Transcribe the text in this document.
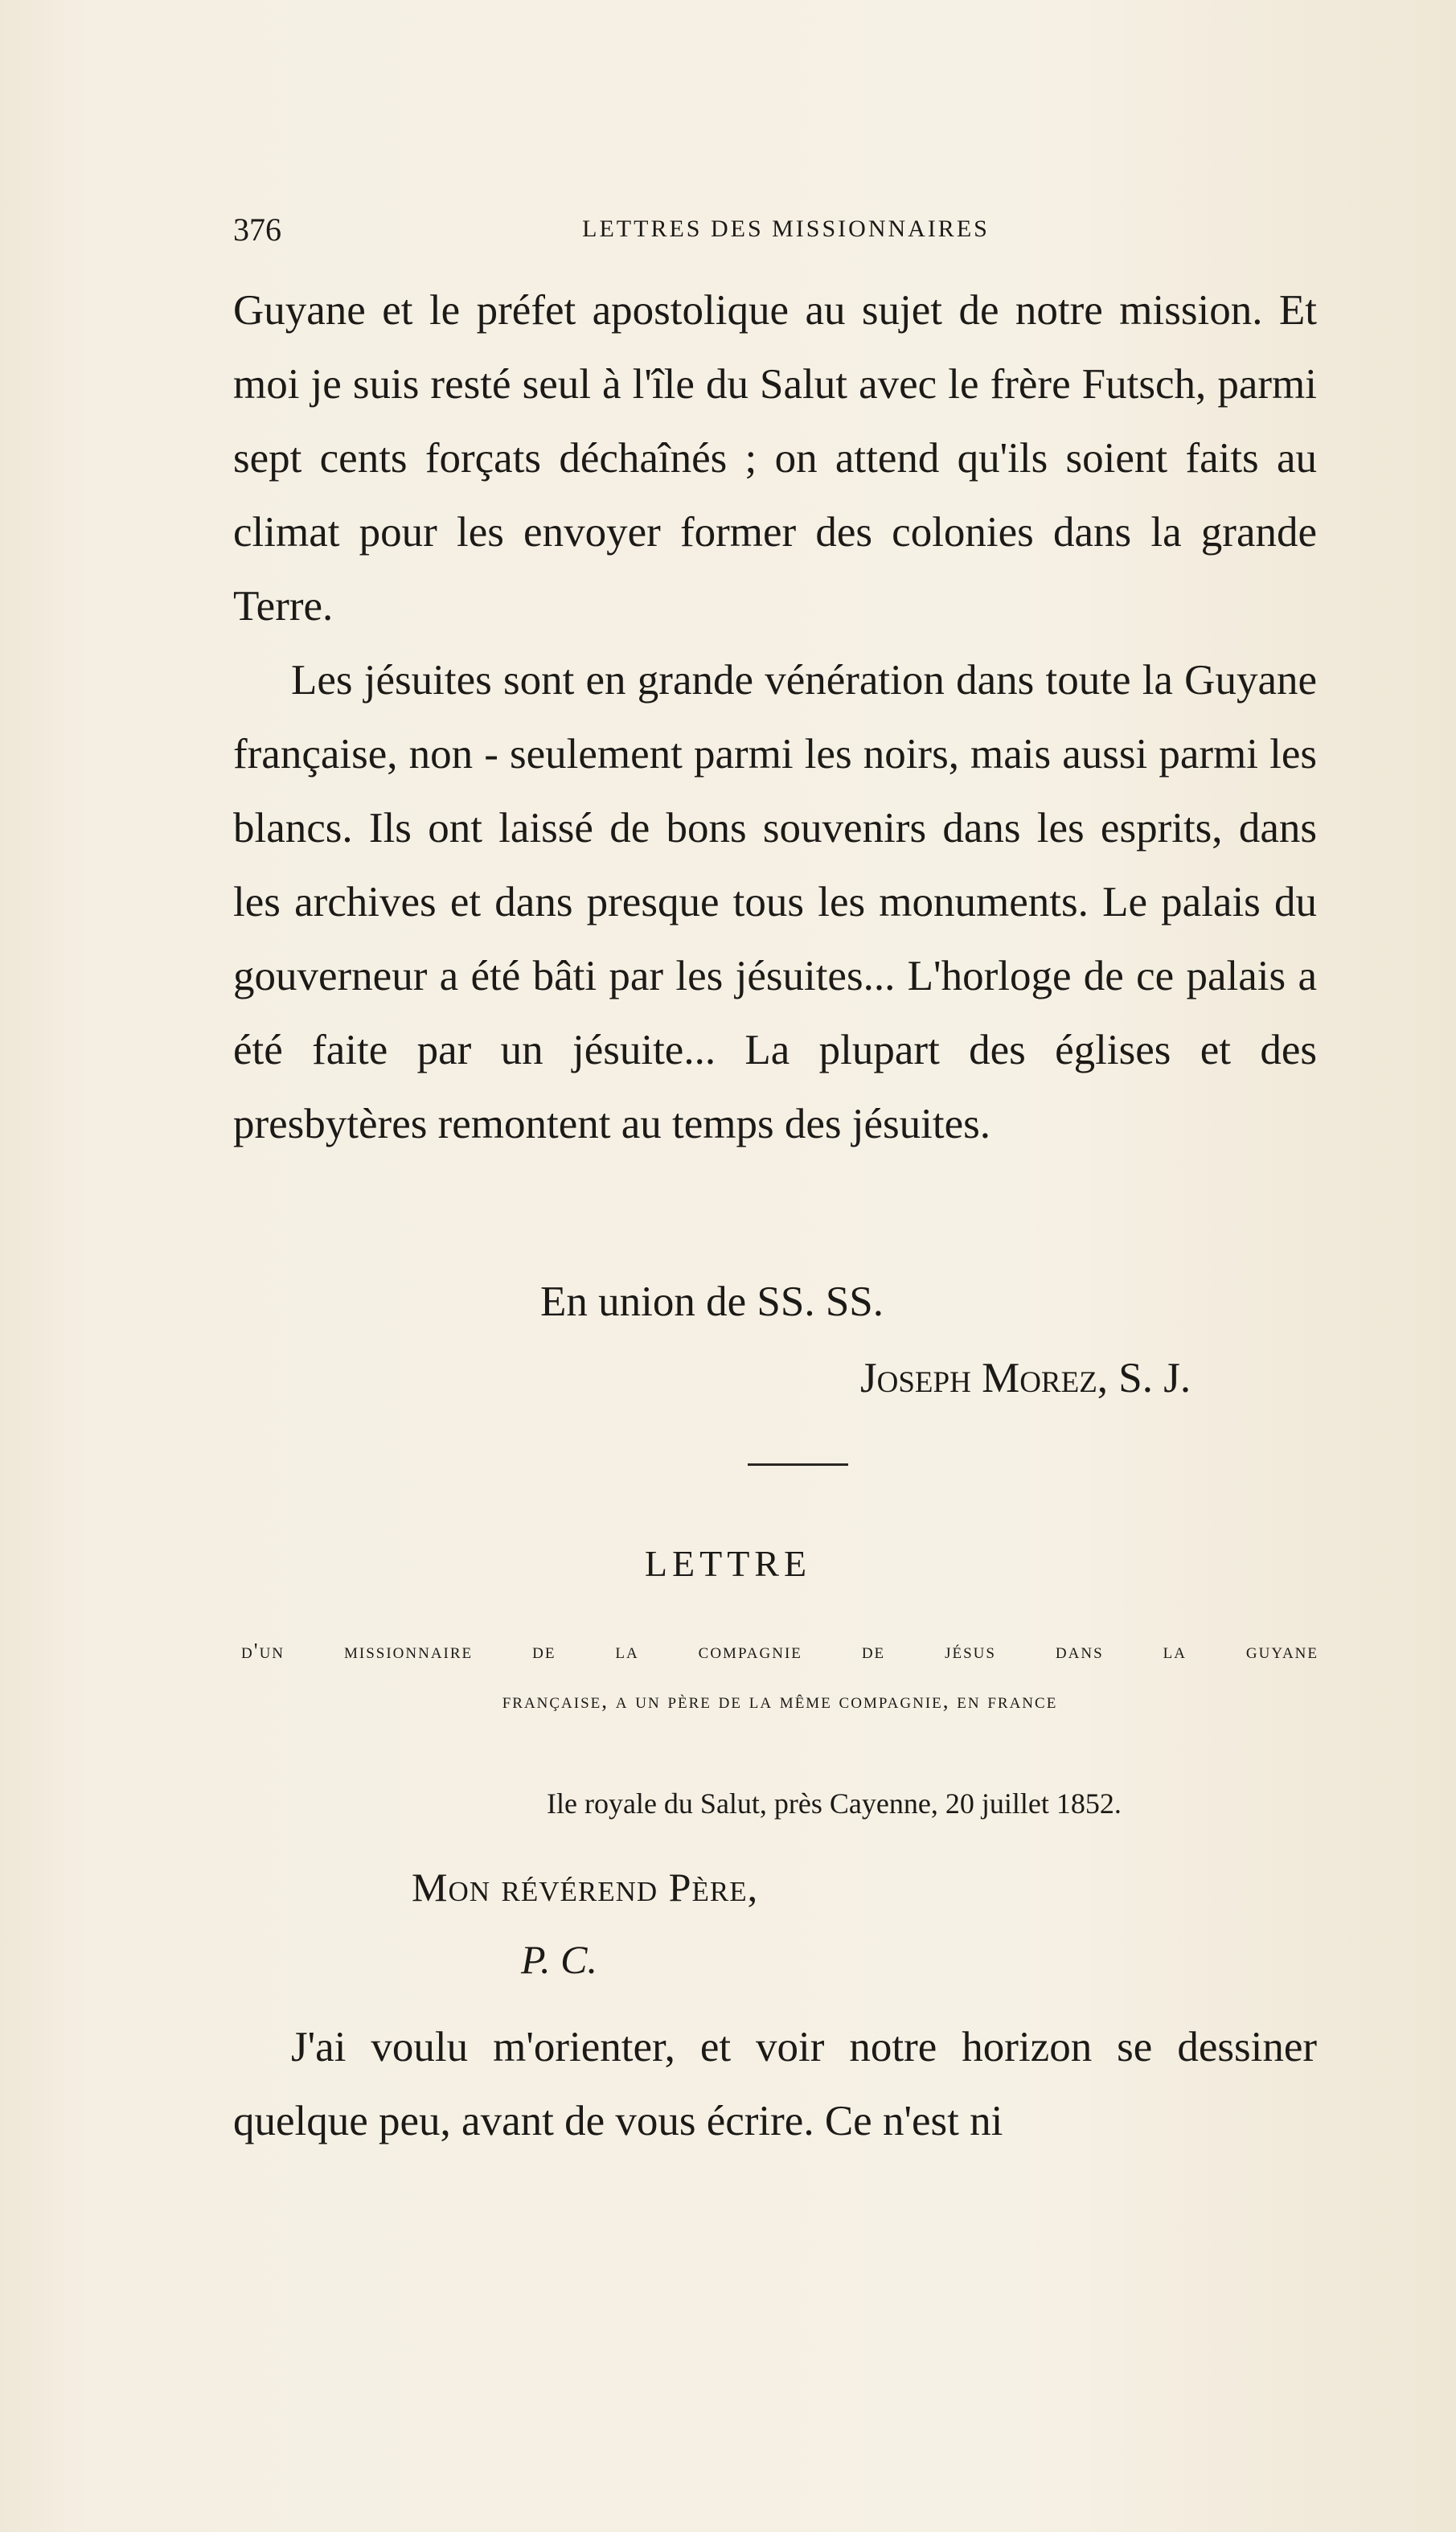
376	LETTRES DES MISSIONNAIRES

Guyane et le préfet apostolique au sujet de notre mission. Et moi je suis resté seul à l'île du Salut avec le frère Futsch, parmi sept cents forçats déchaînés ; on attend qu'ils soient faits au climat pour les envoyer former des colonies dans la grande Terre.

Les jésuites sont en grande vénération dans toute la Guyane française, non - seulement parmi les noirs, mais aussi parmi les blancs. Ils ont laissé de bons souvenirs dans les esprits, dans les archives et dans presque tous les monuments. Le palais du gouverneur a été bâti par les jésuites... L'horloge de ce palais a été faite par un jésuite... La plupart des églises et des presbytères remontent au temps des jésuites.

En union de SS. SS.
Joseph Morez, S. J.
LETTRE
d'un missionnaire de la compagnie de jésus dans la guyane
française, a un père de la même compagnie, en france
Ile royale du Salut, près Cayenne, 20 juillet 1852.
Mon révérend Père,
P. C.

J'ai voulu m'orienter, et voir notre horizon se dessiner quelque peu, avant de vous écrire. Ce n'est ni
